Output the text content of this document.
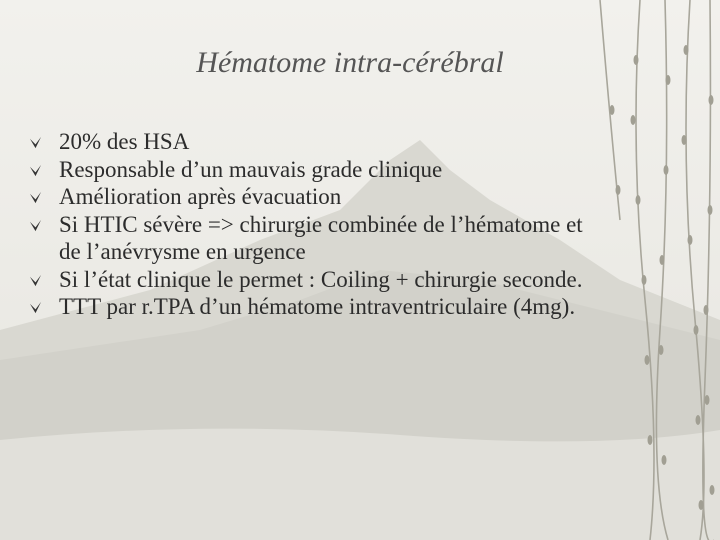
Hématome intra-cérébral
20% des HSA
Responsable d’un mauvais grade clinique
Amélioration après évacuation
Si HTIC sévère => chirurgie combinée de l’hématome et de l’anévrysme en urgence
Si l’état clinique le permet : Coiling + chirurgie seconde.
TTT par r.TPA d’un hématome intraventriculaire (4mg).
